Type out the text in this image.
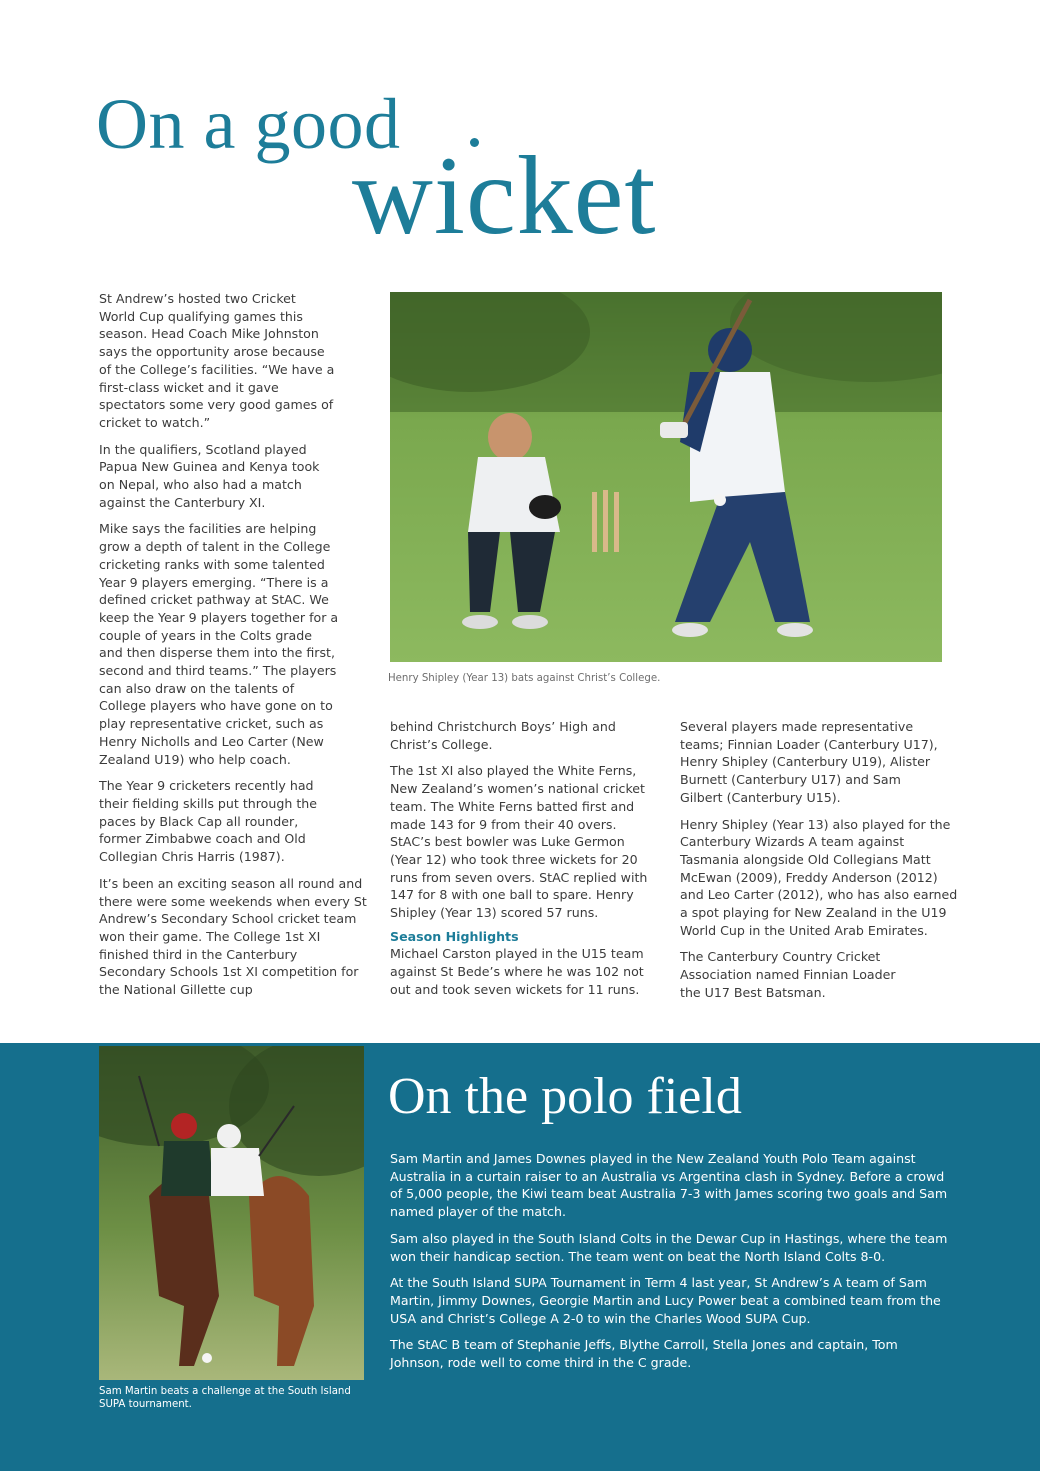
On a good
wicket

St Andrew’s hosted two Cricket World Cup qualifying games this season. Head Coach Mike Johnston says the opportunity arose because of the College’s facilities. “We have a first-class wicket and it gave spectators some very good games of cricket to watch.”

In the qualifiers, Scotland played Papua New Guinea and Kenya took on Nepal, who also had a match against the Canterbury XI.

Mike says the facilities are helping grow a depth of talent in the College cricketing ranks with some talented Year 9 players emerging. “There is a defined cricket pathway at StAC. We keep the Year 9 players together for a couple of years in the Colts grade and then disperse them into the first, second and third teams.” The players can also draw on the talents of College players who have gone on to play representative cricket, such as Henry Nicholls and Leo Carter (New Zealand U19) who help coach.

The Year 9 cricketers recently had their fielding skills put through the paces by Black Cap all rounder, former Zimbabwe coach and Old Collegian Chris Harris (1987).

It’s been an exciting season all round and there were some weekends when every St Andrew’s Secondary School cricket team won their game. The College 1st XI finished third in the Canterbury Secondary Schools 1st XI competition for the National Gillette cup

Henry Shipley (Year 13) bats against Christ’s College.

behind Christchurch Boys’ High and Christ’s College.

The 1st XI also played the White Ferns, New Zealand’s women’s national cricket team. The White Ferns batted first and made 143 for 9 from their 40 overs. StAC’s best bowler was Luke Germon (Year 12) who took three wickets for 20 runs from seven overs. StAC replied with 147 for 8 with one ball to spare. Henry Shipley (Year 13) scored 57 runs.

Season Highlights

Michael Carston played in the U15 team against St Bede’s where he was 102 not out and took seven wickets for 11 runs.

Several players made representative teams; Finnian Loader (Canterbury U17), Henry Shipley (Canterbury U19), Alister Burnett (Canterbury U17) and Sam Gilbert (Canterbury U15).

Henry Shipley (Year 13) also played for the Canterbury Wizards A team against Tasmania alongside Old Collegians Matt McEwan (2009), Freddy Anderson (2012) and Leo Carter (2012), who has also earned a spot playing for New Zealand in the U19 World Cup in the United Arab Emirates.

The Canterbury Country Cricket Association named Finnian Loader the U17 Best Batsman.

Sam Martin beats a challenge at the South Island SUPA tournament.
On the polo field

Sam Martin and James Downes played in the New Zealand Youth Polo Team against Australia in a curtain raiser to an Australia vs Argentina clash in Sydney. Before a crowd of 5,000 people, the Kiwi team beat Australia 7-3 with James scoring two goals and Sam named player of the match.

Sam also played in the South Island Colts in the Dewar Cup in Hastings, where the team won their handicap section. The team went on beat the North Island Colts 8-0.

At the South Island SUPA Tournament in Term 4 last year, St Andrew’s A team of Sam Martin, Jimmy Downes, Georgie Martin and Lucy Power beat a combined team from the USA and Christ’s College A 2-0 to win the Charles Wood SUPA Cup.

The StAC B team of Stephanie Jeffs, Blythe Carroll, Stella Jones and captain, Tom Johnson, rode well to come third in the C grade.
